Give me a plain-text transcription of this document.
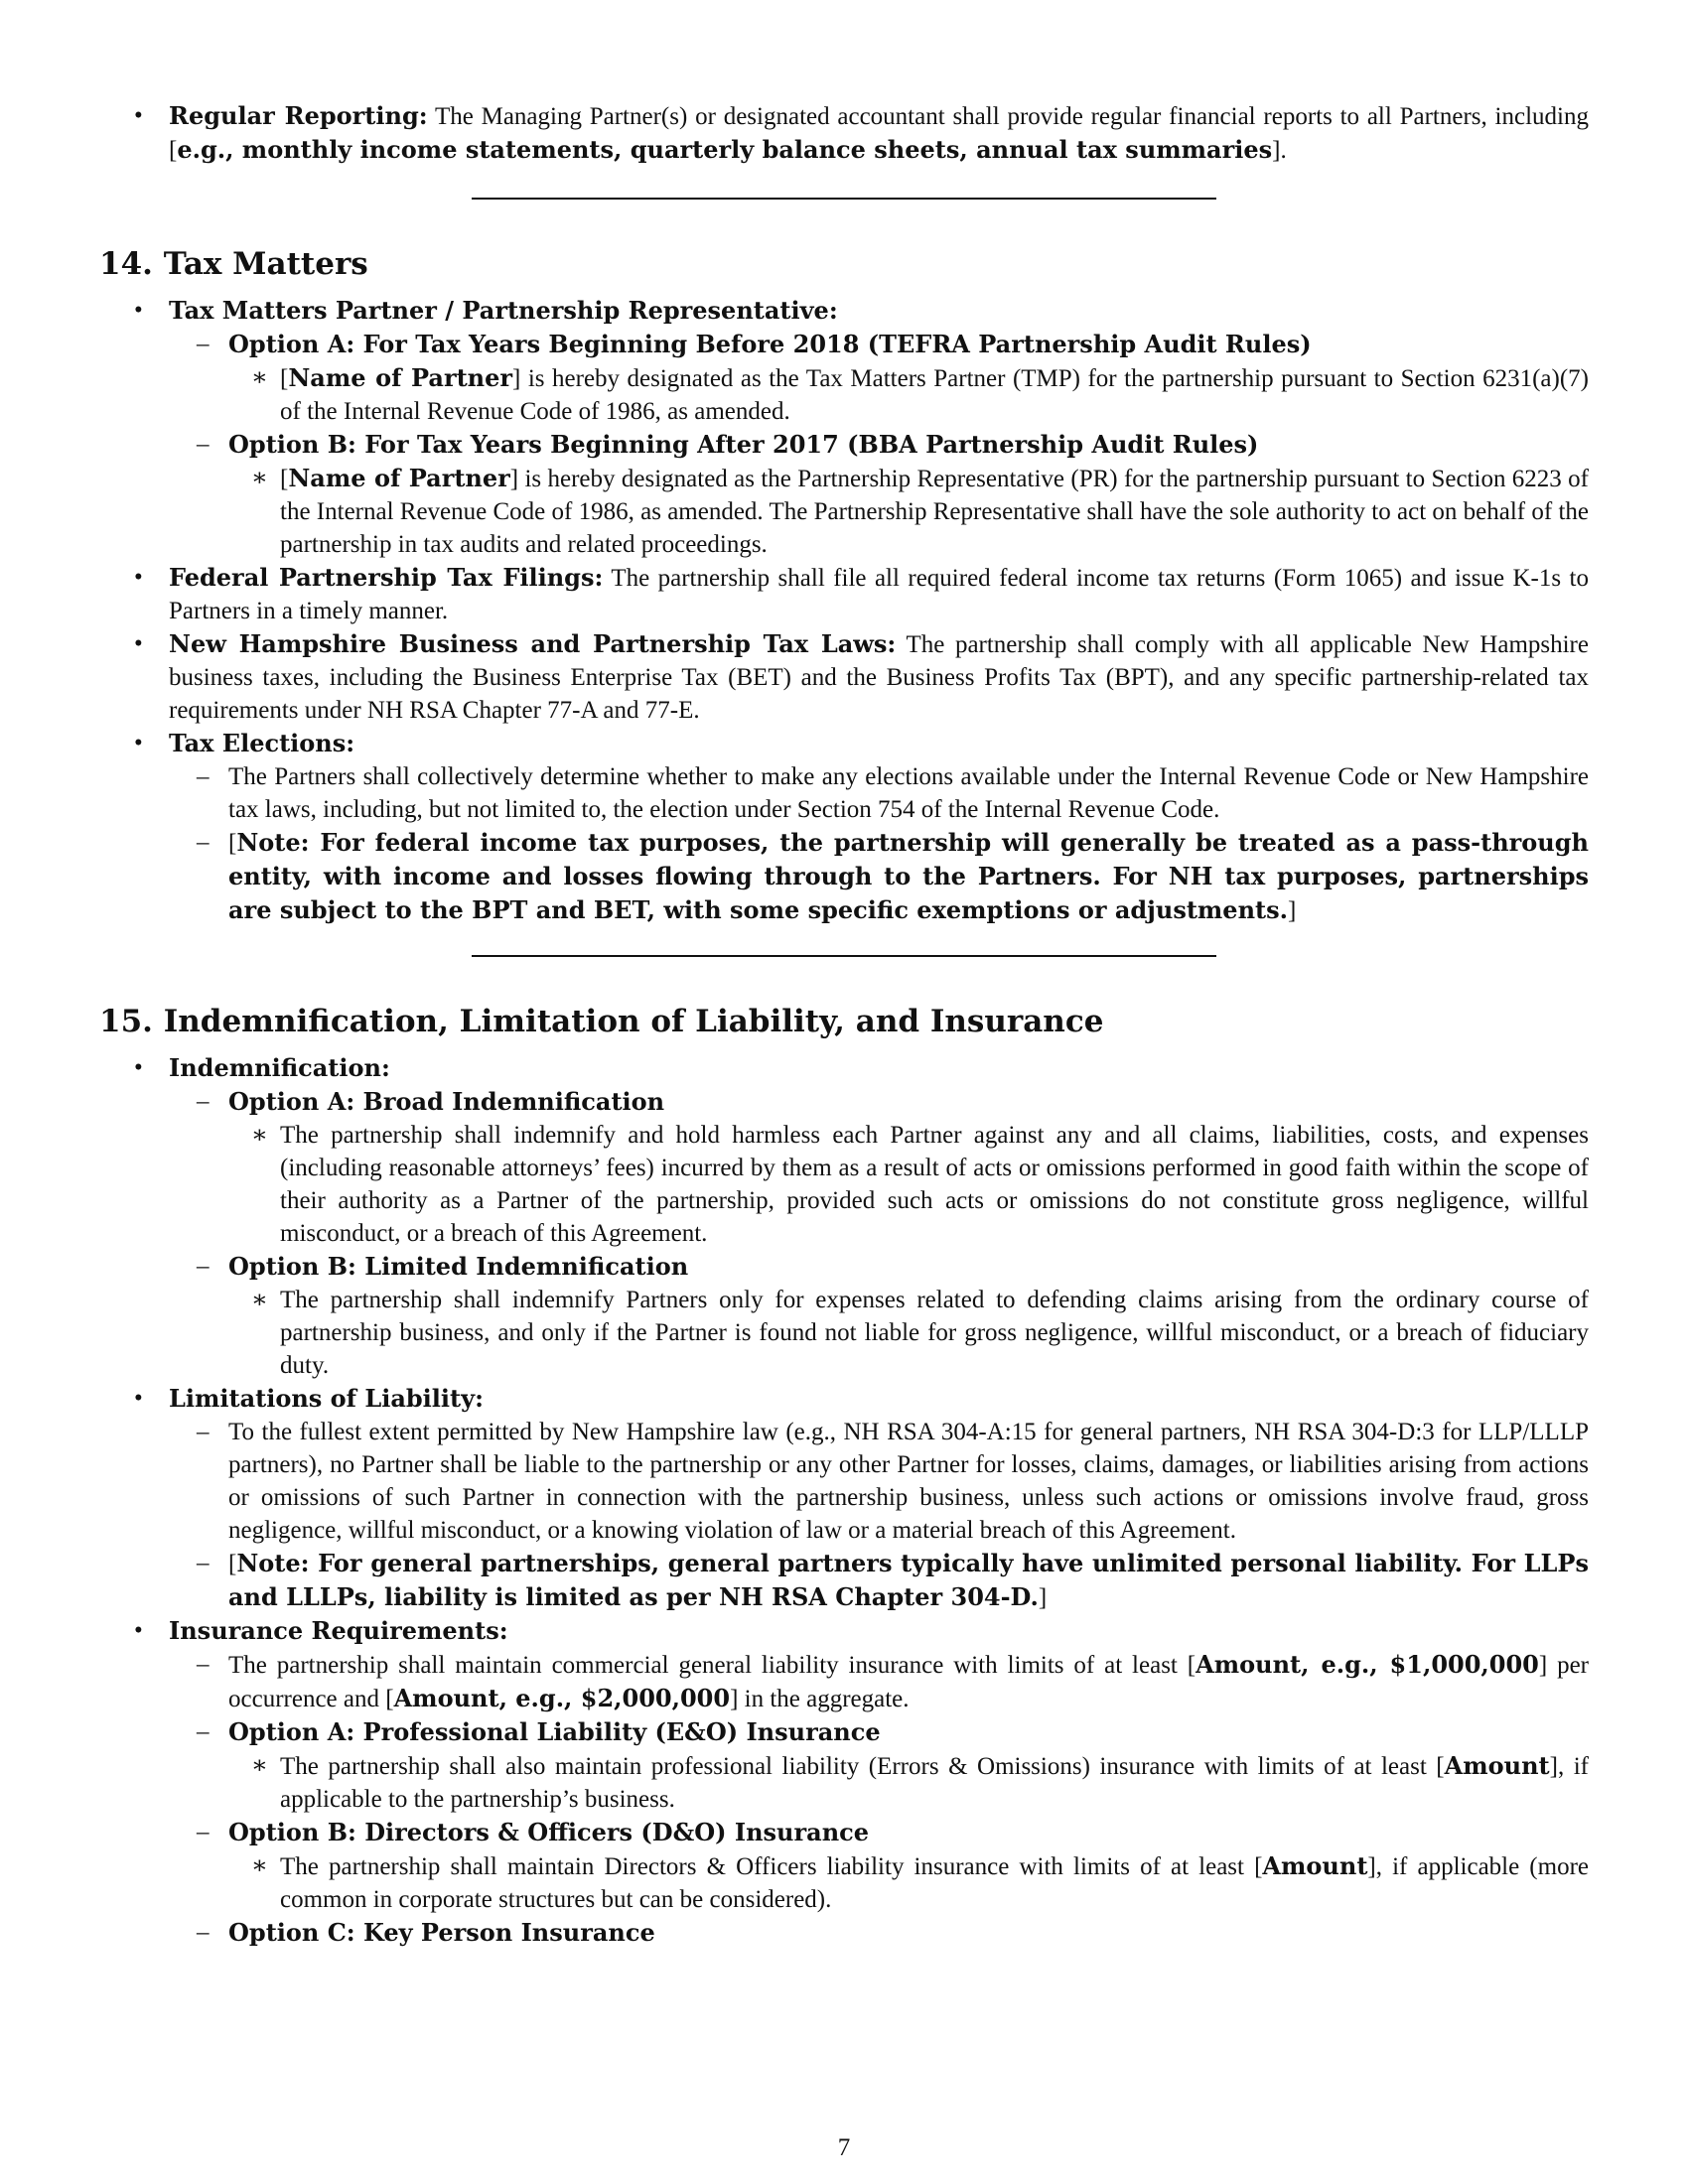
• Regular Reporting: The Managing Partner(s) or designated accountant shall provide regular financial reports to all Partners, including [e.g., monthly income statements, quarterly balance sheets, annual tax summaries].
14. Tax Matters
• Tax Matters Partner / Partnership Representative:
– Option A: For Tax Years Beginning Before 2018 (TEFRA Partnership Audit Rules)
∗ [Name of Partner] is hereby designated as the Tax Matters Partner (TMP) for the partnership pursuant to Section 6231(a)(7) of the Internal Revenue Code of 1986, as amended.
– Option B: For Tax Years Beginning After 2017 (BBA Partnership Audit Rules)
∗ [Name of Partner] is hereby designated as the Partnership Representative (PR) for the partnership pursuant to Section 6223 of the Internal Revenue Code of 1986, as amended. The Partnership Representative shall have the sole authority to act on behalf of the partnership in tax audits and related proceedings.
• Federal Partnership Tax Filings: The partnership shall file all required federal income tax returns (Form 1065) and issue K-1s to Partners in a timely manner.
• New Hampshire Business and Partnership Tax Laws: The partnership shall comply with all applicable New Hampshire business taxes, including the Business Enterprise Tax (BET) and the Business Profits Tax (BPT), and any specific partnership-related tax requirements under NH RSA Chapter 77-A and 77-E.
• Tax Elections:
– The Partners shall collectively determine whether to make any elections available under the Internal Revenue Code or New Hampshire tax laws, including, but not limited to, the election under Section 754 of the Internal Revenue Code.
– [Note: For federal income tax purposes, the partnership will generally be treated as a pass-through entity, with income and losses flowing through to the Partners. For NH tax purposes, partnerships are subject to the BPT and BET, with some specific exemptions or adjustments.]
15. Indemnification, Limitation of Liability, and Insurance
• Indemnification:
– Option A: Broad Indemnification
∗ The partnership shall indemnify and hold harmless each Partner against any and all claims, liabilities, costs, and expenses (including reasonable attorneys’ fees) incurred by them as a result of acts or omissions performed in good faith within the scope of their authority as a Partner of the partnership, provided such acts or omissions do not constitute gross negligence, willful misconduct, or a breach of this Agreement.
– Option B: Limited Indemnification
∗ The partnership shall indemnify Partners only for expenses related to defending claims arising from the ordinary course of partnership business, and only if the Partner is found not liable for gross negligence, willful misconduct, or a breach of fiduciary duty.
• Limitations of Liability:
– To the fullest extent permitted by New Hampshire law (e.g., NH RSA 304-A:15 for general partners, NH RSA 304-D:3 for LLP/LLLP partners), no Partner shall be liable to the partnership or any other Partner for losses, claims, damages, or liabilities arising from actions or omissions of such Partner in connection with the partnership business, unless such actions or omissions involve fraud, gross negligence, willful misconduct, or a knowing violation of law or a material breach of this Agreement.
– [Note: For general partnerships, general partners typically have unlimited personal liability. For LLPs and LLLPs, liability is limited as per NH RSA Chapter 304-D.]
• Insurance Requirements:
– The partnership shall maintain commercial general liability insurance with limits of at least [Amount, e.g., $1,000,000] per occurrence and [Amount, e.g., $2,000,000] in the aggregate.
– Option A: Professional Liability (E&O) Insurance
∗ The partnership shall also maintain professional liability (Errors & Omissions) insurance with limits of at least [Amount], if applicable to the partnership’s business.
– Option B: Directors & Officers (D&O) Insurance
∗ The partnership shall maintain Directors & Officers liability insurance with limits of at least [Amount], if applicable (more common in corporate structures but can be considered).
– Option C: Key Person Insurance
7
